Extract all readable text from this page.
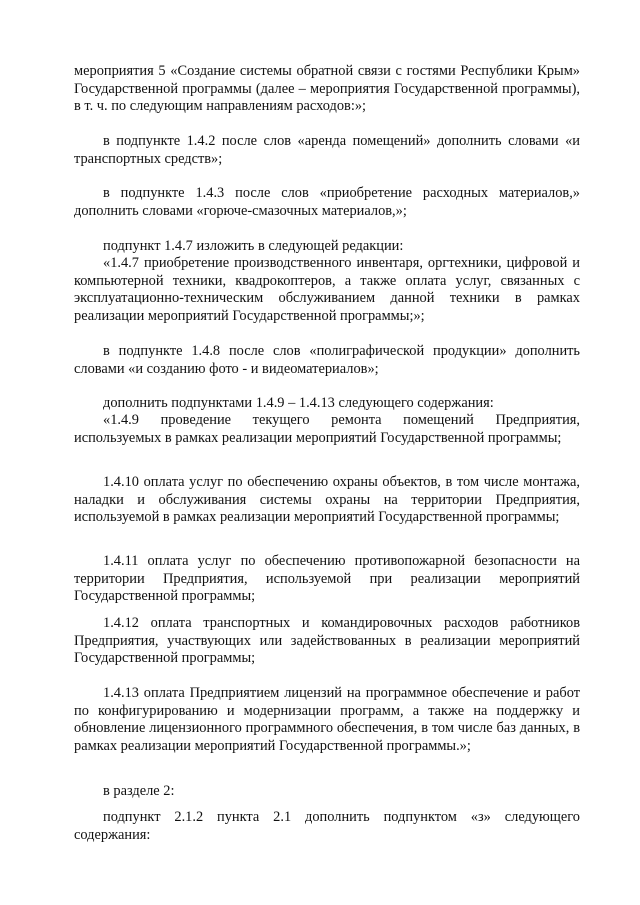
мероприятия 5 «Создание системы обратной связи с гостями Республики Крым» Государственной программы (далее – мероприятия Государственной программы), в т. ч. по следующим направлениям расходов:»;

в подпункте 1.4.2 после слов «аренда помещений» дополнить словами «и транспортных средств»;

в подпункте 1.4.3 после слов «приобретение расходных материалов,» дополнить словами «горюче-смазочных материалов,»;

подпункт 1.4.7 изложить в следующей редакции:

«1.4.7 приобретение производственного инвентаря, оргтехники, цифровой и компьютерной техники, квадрокоптеров, а также оплата услуг, связанных с эксплуатационно-техническим обслуживанием данной техники в рамках реализации мероприятий Государственной программы;»;

в подпункте 1.4.8 после слов «полиграфической продукции» дополнить словами «и созданию фото - и видеоматериалов»;

дополнить подпунктами 1.4.9 – 1.4.13 следующего содержания:

«1.4.9 проведение текущего ремонта помещений Предприятия, используемых в рамках реализации мероприятий Государственной программы;

1.4.10 оплата услуг по обеспечению охраны объектов, в том числе монтажа, наладки и обслуживания системы охраны на территории Предприятия, используемой в рамках реализации мероприятий Государственной программы;

1.4.11 оплата услуг по обеспечению противопожарной безопасности на территории Предприятия, используемой при реализации мероприятий Государственной программы;

1.4.12 оплата транспортных и командировочных расходов работников Предприятия, участвующих или задействованных в реализации мероприятий Государственной программы;

1.4.13 оплата Предприятием лицензий на программное обеспечение и работ по конфигурированию и модернизации программ, а также на поддержку и обновление лицензионного программного обеспечения, в том числе баз данных, в рамках реализации мероприятий Государственной программы.»;

в разделе 2:

подпункт 2.1.2 пункта 2.1 дополнить подпунктом «з» следующего содержания:
